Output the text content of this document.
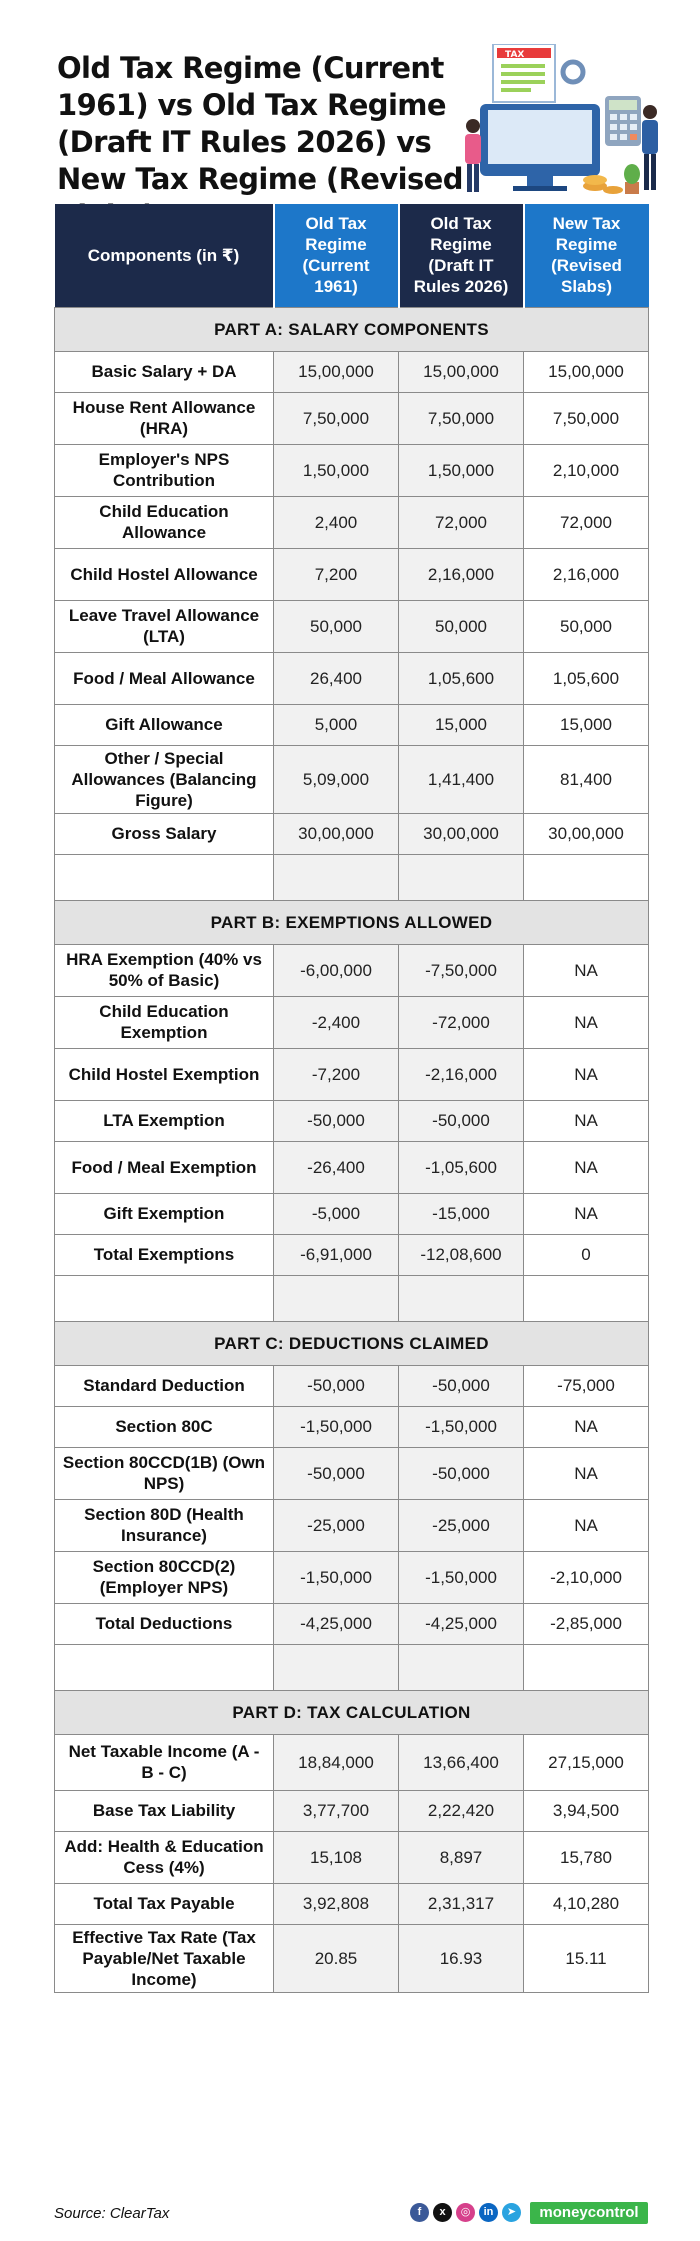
Old Tax Regime (Current 1961) vs Old Tax Regime (Draft IT Rules 2026) vs New Tax Regime (Revised
TAX
Components (in ₹)	Old Tax Regime (Current 1961)	Old Tax Regime (Draft IT Rules 2026)	New Tax Regime (Revised Slabs)
PART A: SALARY COMPONENTS			
Basic Salary + DA	15,00,000	15,00,000	15,00,000
House Rent Allowance (HRA)	7,50,000	7,50,000	7,50,000
Employer's NPS Contribution	1,50,000	1,50,000	2,10,000
Child Education Allowance	2,400	72,000	72,000
Child Hostel Allowance	7,200	2,16,000	2,16,000
Leave Travel Allowance (LTA)	50,000	50,000	50,000
Food / Meal Allowance	26,400	1,05,600	1,05,600
Gift Allowance	5,000	15,000	15,000
Other / Special Allowances (Balancing Figure)	5,09,000	1,41,400	81,400
Gross Salary	30,00,000	30,00,000	30,00,000

PART B: EXEMPTIONS ALLOWED			
HRA Exemption (40% vs 50% of Basic)	-6,00,000	-7,50,000	NA
Child Education Exemption	-2,400	-72,000	NA
Child Hostel Exemption	-7,200	-2,16,000	NA
LTA Exemption	-50,000	-50,000	NA
Food / Meal Exemption	-26,400	-1,05,600	NA
Gift Exemption	-5,000	-15,000	NA
Total Exemptions	-6,91,000	-12,08,600	0

PART C: DEDUCTIONS CLAIMED			
Standard Deduction	-50,000	-50,000	-75,000
Section 80C	-1,50,000	-1,50,000	NA
Section 80CCD(1B) (Own NPS)	-50,000	-50,000	NA
Section 80D (Health Insurance)	-25,000	-25,000	NA
Section 80CCD(2) (Employer NPS)	-1,50,000	-1,50,000	-2,10,000
Total Deductions	-4,25,000	-4,25,000	-2,85,000

PART D: TAX CALCULATION			
Net Taxable Income (A - B - C)	18,84,000	13,66,400	27,15,000
Base Tax Liability	3,77,700	2,22,420	3,94,500
Add: Health & Education Cess (4%)	15,108	8,897	15,780
Total Tax Payable	3,92,808	2,31,317	4,10,280
Effective Tax Rate (Tax Payable/Net Taxable Income)	20.85	16.93	15.11
Source: ClearTax	f	x	◎	in	➤	moneycontrol
